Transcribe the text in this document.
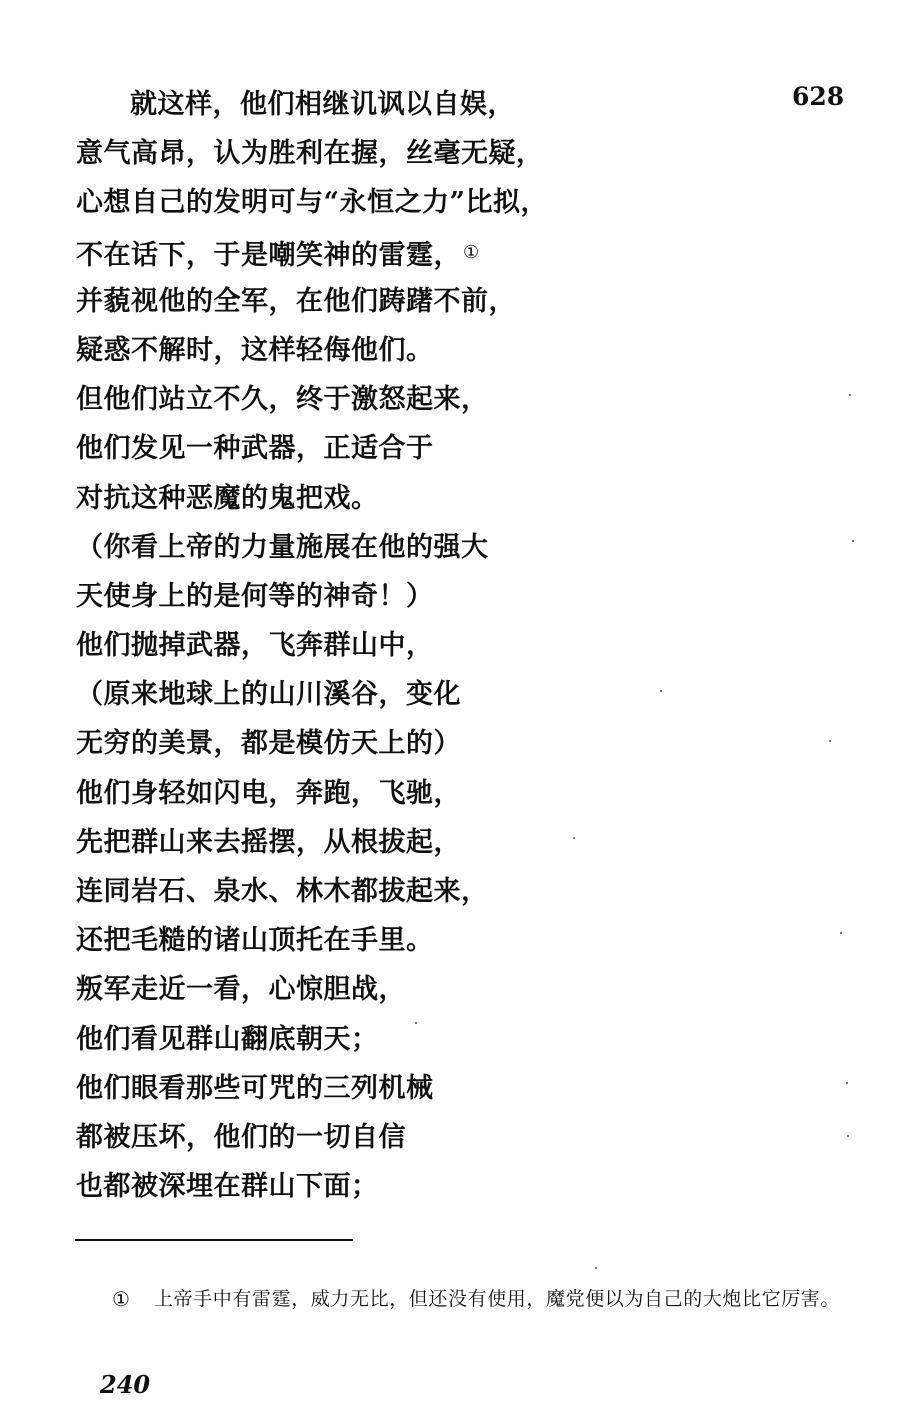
628
就这样，他们相继讥讽以自娱，
意气高昂，认为胜利在握，丝毫无疑，
心想自己的发明可与“永恒之力”比拟，
不在话下，于是嘲笑神的雷霆， ①
并藐视他的全军，在他们踌躇不前，
疑惑不解时，这样轻侮他们。
但他们站立不久，终于激怒起来，
他们发见一种武器，正适合于
对抗这种恶魔的鬼把戏。
（你看上帝的力量施展在他的强大
天使身上的是何等的神奇！）
他们抛掉武器，飞奔群山中，
（原来地球上的山川溪谷，变化
无穷的美景，都是模仿天上的）
他们身轻如闪电，奔跑，飞驰，
先把群山来去摇摆，从根拔起，
连同岩石、泉水、林木都拔起来，
还把毛糙的诸山顶托在手里。
叛军走近一看，心惊胆战，
他们看见群山翻底朝天；
他们眼看那些可咒的三列机械
都被压坏，他们的一切自信
也都被深埋在群山下面；
① 上帝手中有雷霆，威力无比，但还没有使用，魔党便以为自己的大炮比它厉害。
240
